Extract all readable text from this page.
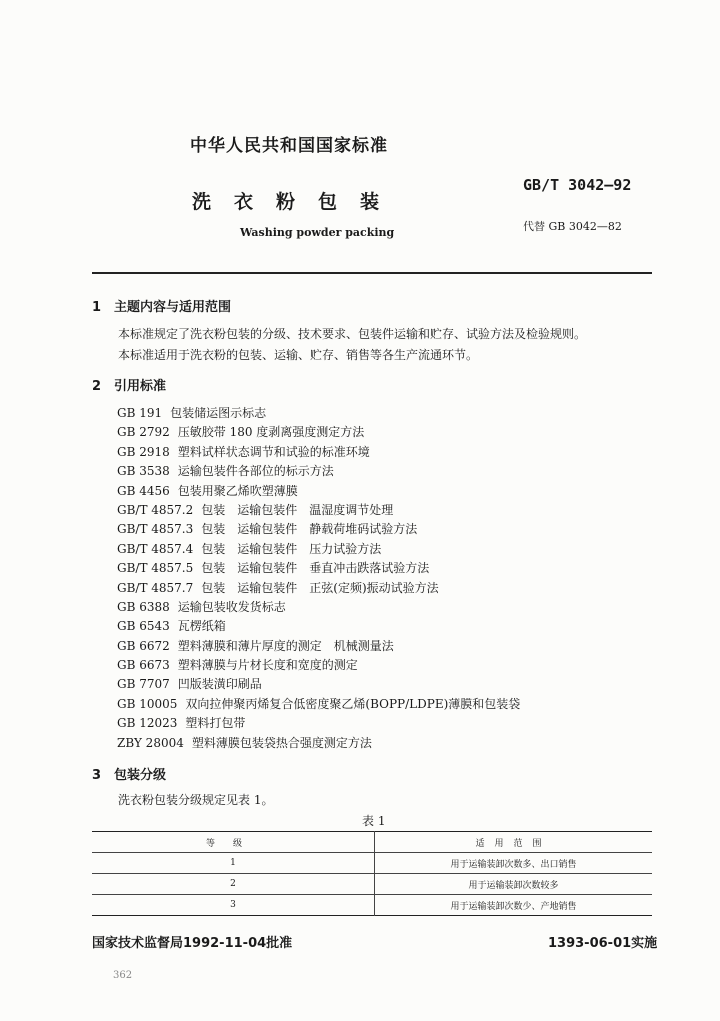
中华人民共和国国家标准
洗衣粉包装
Washing powder packing
GB/T 3042—92
代替 GB 3042—82
1 主题内容与适用范围
本标准规定了洗衣粉包装的分级、技术要求、包装件运输和贮存、试验方法及检验规则。
本标准适用于洗衣粉的包装、运输、贮存、销售等各生产流通环节。
2 引用标准
GB 191 包装储运图示标志
GB 2792 压敏胶带 180 度剥离强度测定方法
GB 2918 塑料试样状态调节和试验的标准环境
GB 3538 运输包装件各部位的标示方法
GB 4456 包装用聚乙烯吹塑薄膜
GB/T 4857.2 包装　运输包装件　温湿度调节处理
GB/T 4857.3 包装　运输包装件　静载荷堆码试验方法
GB/T 4857.4 包装　运输包装件　压力试验方法
GB/T 4857.5 包装　运输包装件　垂直冲击跌落试验方法
GB/T 4857.7 包装　运输包装件　正弦(定频)振动试验方法
GB 6388 运输包装收发货标志
GB 6543 瓦楞纸箱
GB 6672 塑料薄膜和薄片厚度的测定　机械测量法
GB 6673 塑料薄膜与片材长度和宽度的测定
GB 7707 凹版装潢印刷品
GB 10005 双向拉伸聚丙烯复合低密度聚乙烯(BOPP/LDPE)薄膜和包装袋
GB 12023 塑料打包带
ZBY 28004 塑料薄膜包装袋热合强度测定方法
3 包装分级
洗衣粉包装分级规定见表 1。
表 1
等级	适用范围
1	用于运输装卸次数多、出口销售
2	用于运输装卸次数较多
3	用于运输装卸次数少、产地销售
国家技术监督局1992-11-04批准	1393-06-01实施
362
